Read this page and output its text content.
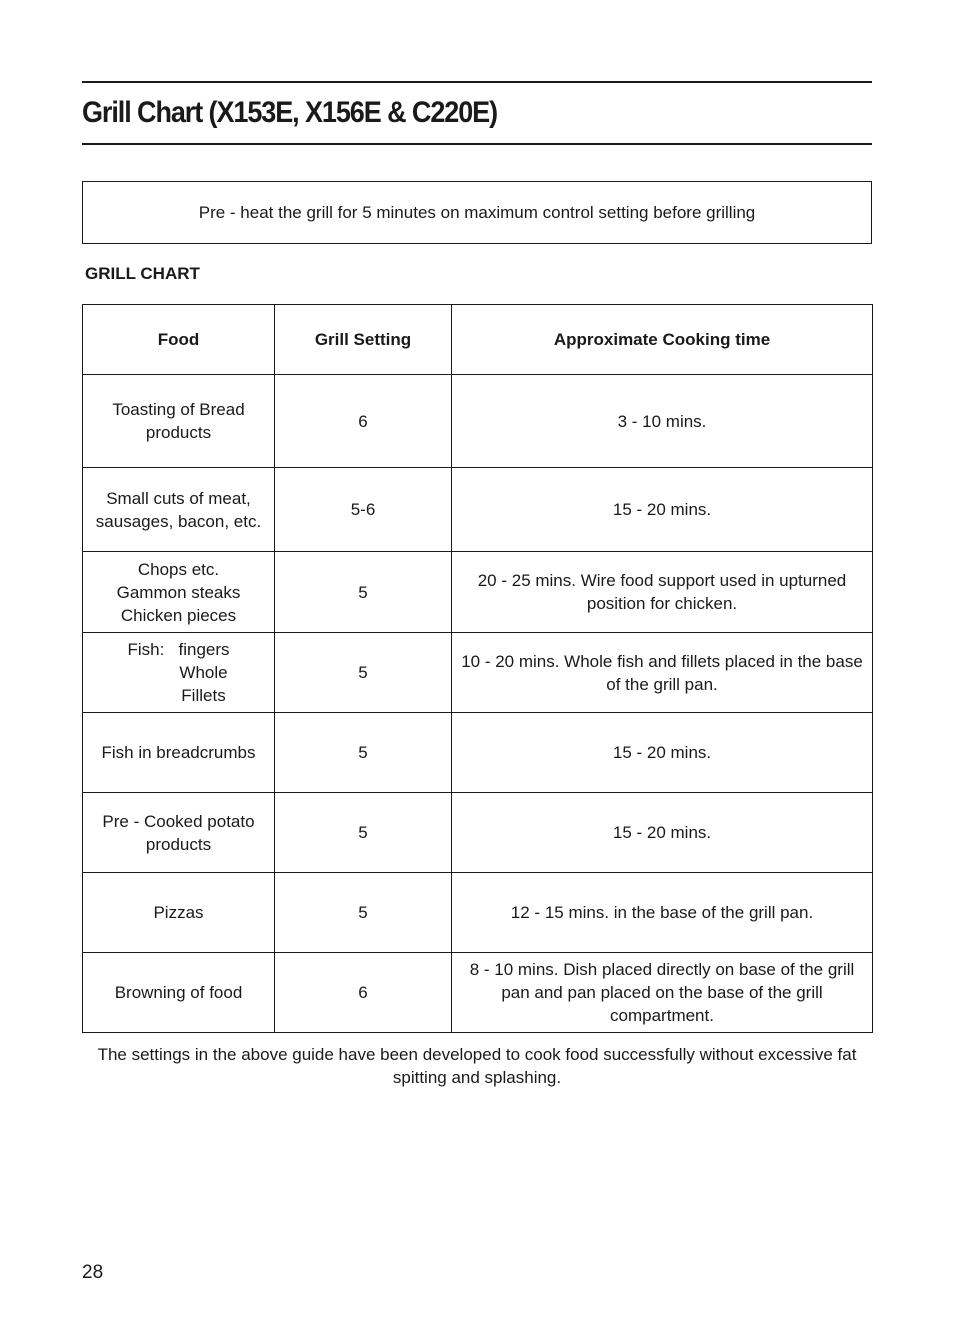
Grill Chart (X153E, X156E & C220E)
Pre - heat the grill for 5 minutes on maximum control setting before grilling
GRILL CHART
Food	Grill Setting	Approximate Cooking time
Toasting of Bread products	6	3 - 10 mins.
Small cuts of meat, sausages, bacon, etc.	5-6	15 - 20 mins.

Chops etc.
Gammon steaks
Chicken pieces	5	20 - 25 mins. Wire food support used in upturned position for chicken.
Fish: fingers
Whole
Fillets	5	10 - 20 mins. Whole fish and fillets placed in the base of the grill pan.
Fish in breadcrumbs	5	15 - 20 mins.
Pre - Cooked potato products	5	15 - 20 mins.
Pizzas	5	12 - 15 mins. in the base of the grill pan.
Browning of food	6	8 - 10 mins. Dish placed directly on base of the grill pan and pan placed on the base of the grill compartment.
The settings in the above guide have been developed to cook food successfully without excessive fat spitting and splashing.
28
